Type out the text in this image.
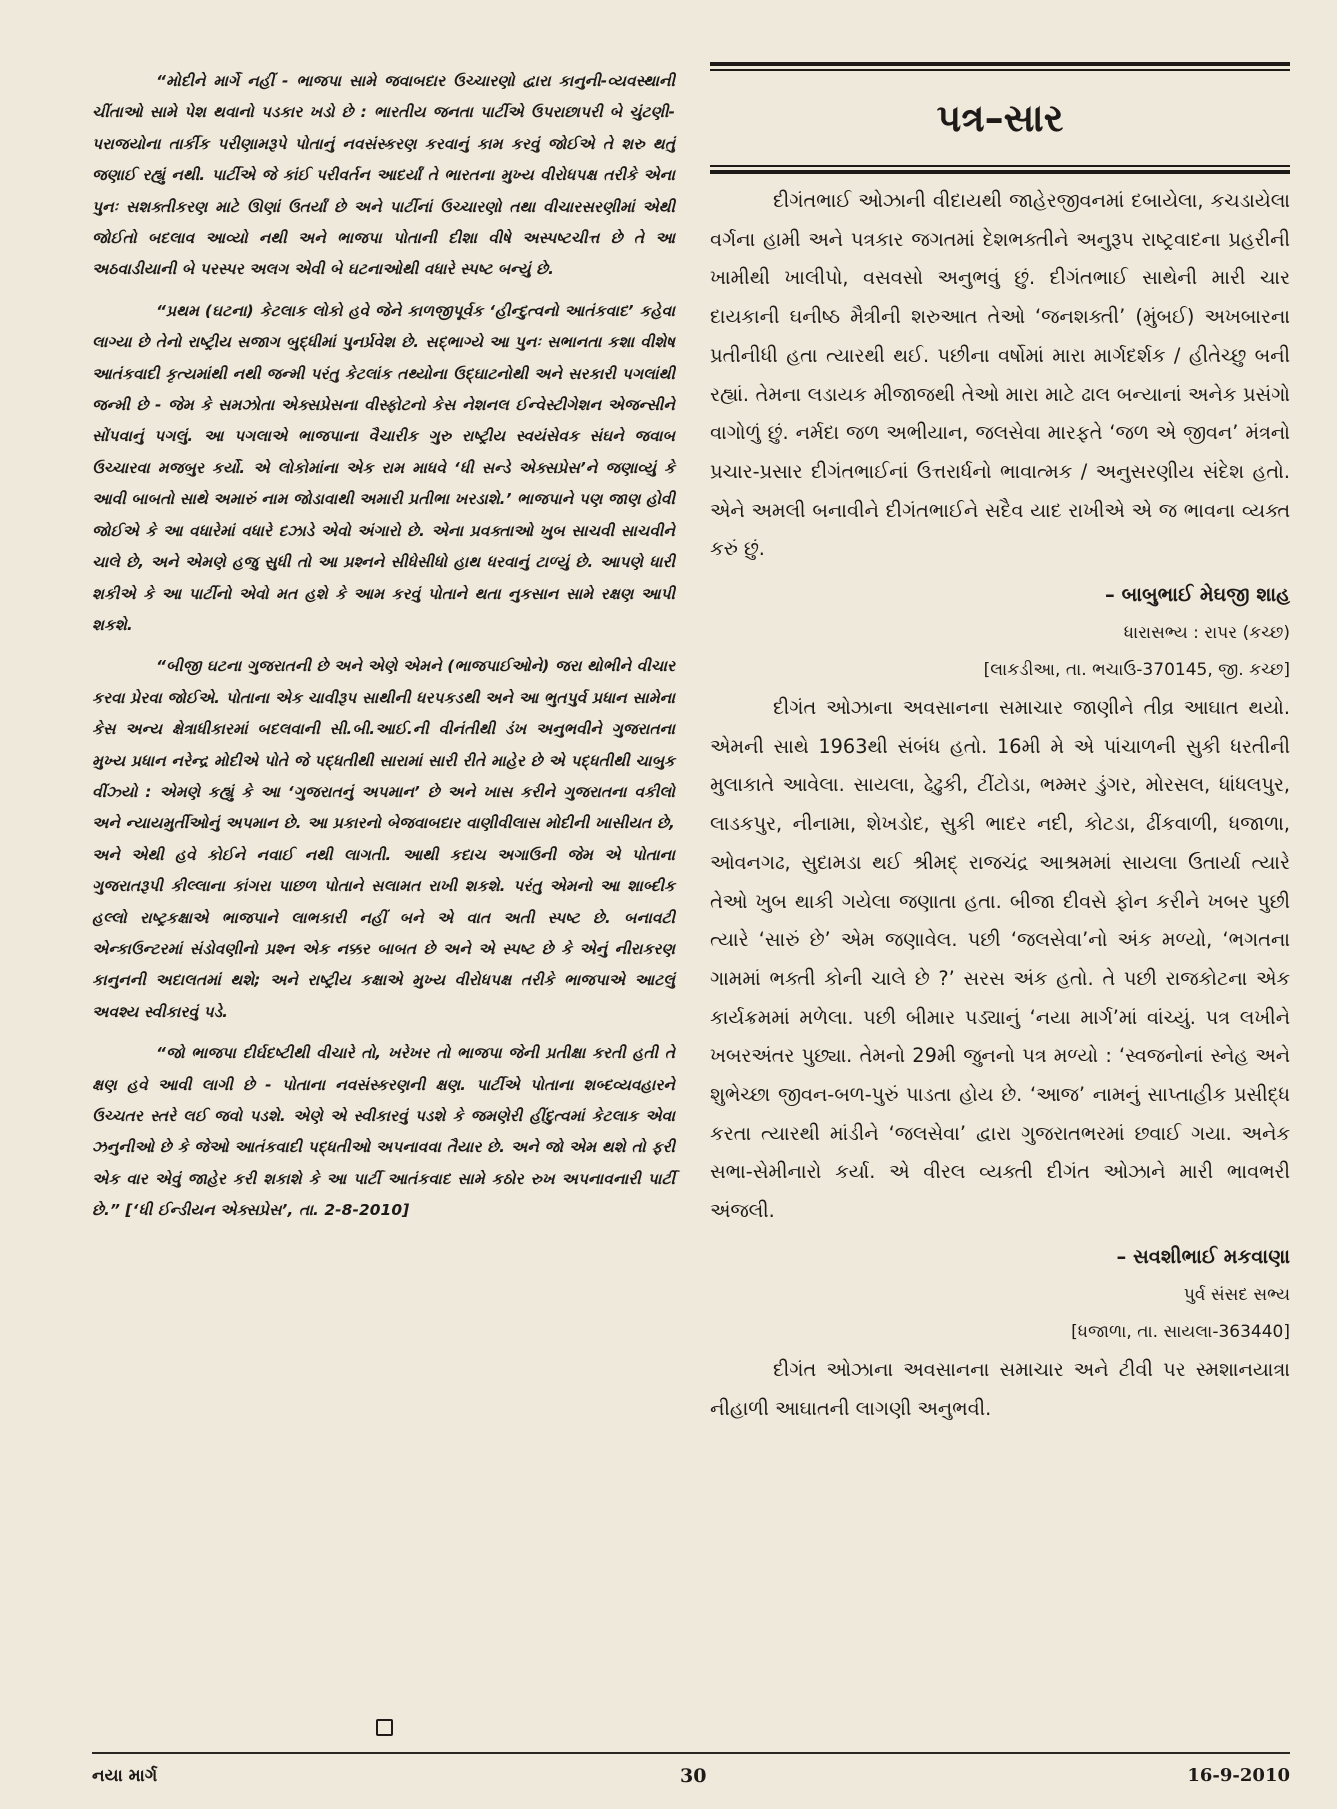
“મોદીને માર્ગે નહીં - ભાજપા સામે જવાબદાર ઉચ્ચારણો દ્વારા કાનુની-વ્યવસ્થાની ચીંતાઓ સામે પેશ થવાનો પડકાર ખડો છે : ભારતીય જનતા પાર્ટીએ ઉપરાછાપરી બે ચુંટણી-પરાજયોના તાર્કીક પરીણામરૂપે પોતાનું નવસંસ્કરણ કરવાનું કામ કરવું જોઈએ તે શરુ થતું જણાઈ રહ્યું નથી. પાર્ટીએ જે કાંઈ પરીવર્તન આદર્યાં તે ભારતના મુખ્ય વીરોધપક્ષ તરીકે એના પુનઃ સશક્તીકરણ માટે ઊણાં ઉતર્યાં છે અને પાર્ટીનાં ઉચ્ચારણો તથા વીચારસરણીમાં એથી જોઈતો બદલાવ આવ્યો નથી અને ભાજપા પોતાની દીશા વીષે અસ્પષ્ટચીત્ત છે તે આ અઠવાડીયાની બે પરસ્પર અલગ એવી બે ઘટનાઓથી વધારે સ્પષ્ટ બન્યું છે.

“પ્રથમ (ઘટના) કેટલાક લોકો હવે જેને કાળજીપૂર્વક ‘હીન્દુત્વનો આતંકવાદ’ કહેવા લાગ્યા છે તેનો રાષ્ટ્રીય સજાગ બુદ્ધીમાં પુનર્પ્રવેશ છે. સદ્ભાગ્યે આ પુનઃ સભાનતા કશા વીશેષ આતંકવાદી કૃત્યમાંથી નથી જન્મી પરંતુ કેટલાંક તથ્યોના ઉદ્ઘાટનોથી અને સરકારી પગલાંથી જન્મી છે - જેમ કે સમઝોતા એક્સપ્રેસના વીસ્ફોટનો કેસ નેશનલ ઈન્વેસ્ટીગેશન એજન્સીને સોંપવાનું પગલું. આ પગલાએ ભાજપાના વૈચારીક ગુરુ રાષ્ટ્રીય સ્વયંસેવક સંઘને જવાબ ઉચ્ચારવા મજબુર કર્યો. એ લોકોમાંના એક રામ માધવે ‘ધી સન્ડે એક્સપ્રેસ’ને જણાવ્યું કે આવી બાબતો સાથે અમારું નામ જોડાવાથી અમારી પ્રતીભા ખરડાશે.’ ભાજપાને પણ જાણ હોવી જોઈએ કે આ વધારેમાં વધારે દઝાડે એવો અંગારો છે. એના પ્રવક્તાઓ ખુબ સાચવી સાચવીને ચાલે છે, અને એમણે હજુ સુધી તો આ પ્રશ્નને સીધેસીધો હાથ ધરવાનું ટાળ્યું છે. આપણે ધારી શકીએ કે આ પાર્ટીનો એવો મત હશે કે આમ કરવું પોતાને થતા નુકસાન સામે રક્ષણ આપી શકશે.

“બીજી ઘટના ગુજરાતની છે અને એણે એમને (ભાજપાઈઓને) જરા થોભીને વીચાર કરવા પ્રેરવા જોઈએ. પોતાના એક ચાવીરૂપ સાથીની ધરપકડથી અને આ ભુતપુર્વ પ્રધાન સામેના કેસ અન્ય ક્ષેત્રાધીકારમાં બદલવાની સી.બી.આઈ.ની વીનંતીથી ડંખ અનુભવીને ગુજરાતના મુખ્ય પ્રધાન નરેન્દ્ર મોદીએ પોતે જે પદ્ધતીથી સારામાં સારી રીતે માહેર છે એ પદ્ધતીથી ચાબુક વીંઝ્યો : એમણે કહ્યું કે આ ‘ગુજરાતનું અપમાન’ છે અને ખાસ કરીને ગુજરાતના વકીલો અને ન્યાયમુર્તીઓનું અપમાન છે. આ પ્રકારનો બેજવાબદાર વાણીવીલાસ મોદીની ખાસીયત છે, અને એથી હવે કોઈને નવાઈ નથી લાગતી. આથી કદાચ અગાઉની જેમ એ પોતાના ગુજરાતરૂપી કીલ્લાના કાંગરા પાછળ પોતાને સલામત રાખી શકશે. પરંતુ એમનો આ શાબ્દીક હલ્લો રાષ્ટ્રકક્ષાએ ભાજપાને લાભકારી નહીં બને એ વાત અતી સ્પષ્ટ છે. બનાવટી એન્કાઉન્ટરમાં સંડોવણીનો પ્રશ્ન એક નક્કર બાબત છે અને એ સ્પષ્ટ છે કે એનું નીરાકરણ કાનુનની અદાલતમાં થશે; અને રાષ્ટ્રીય કક્ષાએ મુખ્ય વીરોધપક્ષ તરીકે ભાજપાએ આટલું અવશ્ય સ્વીકારવું પડે.

“જો ભાજપા દીર્ઘદષ્ટીથી વીચારે તો, ખરેખર તો ભાજપા જેની પ્રતીક્ષા કરતી હતી તે ક્ષણ હવે આવી લાગી છે - પોતાના નવસંસ્કરણની ક્ષણ. પાર્ટીએ પોતાના શબ્દવ્યવહારને ઉચ્ચતર સ્તરે લઈ જવો પડશે. એણે એ સ્વીકારવું પડશે કે જમણેરી હીંદુત્વમાં કેટલાક એવા ઝનુનીઓ છે કે જેઓ આતંકવાદી પદ્ધતીઓ અપનાવવા તૈયાર છે. અને જો એમ થશે તો ફરી એક વાર એવું જાહેર કરી શકાશે કે આ પાર્ટી આતંકવાદ સામે કઠોર રુખ અપનાવનારી પાર્ટી છે.” [‘ધી ઈન્ડીયન એક્સપ્રેસ’, તા. 2-8-2010]

પત્ર–સાર

દીગંતભાઈ ઓઝાની વીદાયથી જાહેરજીવનમાં દબાયેલા, કચડાયેલા વર્ગના હામી અને પત્રકાર જગતમાં દેશભક્તીને અનુરૂપ રાષ્ટ્રવાદના પ્રહરીની ખામીથી ખાલીપો, વસવસો અનુભવું છું. દીગંતભાઈ સાથેની મારી ચાર દાયકાની ઘનીષ્ઠ મૈત્રીની શરુઆત તેઓ ‘જનશક્તી’ (મુંબઈ) અખબારના પ્રતીનીધી હતા ત્યારથી થઈ. પછીના વર્ષોમાં મારા માર્ગદર્શક / હીતેચ્છુ બની રહ્યાં. તેમના લડાયક મીજાજથી તેઓ મારા માટે ઢાલ બન્યાનાં અનેક પ્રસંગો વાગોળું છું. નર્મદા જળ અભીયાન, જલસેવા મારફતે ‘જળ એ જીવન’ મંત્રનો પ્રચાર-પ્રસાર દીગંતભાઈનાં ઉત્તરાર્ધનો ભાવાત્મક / અનુસરણીય સંદેશ હતો. એને અમલી બનાવીને દીગંતભાઈને સદૈવ યાદ રાખીએ એ જ ભાવના વ્યક્ત કરું છું.

– બાબુભાઈ મેઘજી શાહ
ધારાસભ્ય : રાપર (કચ્છ)
[લાકડીઆ, તા. ભચાઉ-370145, જી. કચ્છ]

દીગંત ઓઝાના અવસાનના સમાચાર જાણીને તીવ્ર આઘાત થયો. એમની સાથે 1963થી સંબંધ હતો. 16મી મે એ પાંચાળની સુકી ધરતીની મુલાકાતે આવેલા. સાયલા, ઢેઢુકી, ટીંટોડા, ભમ્મર ડુંગર, મોરસલ, ધાંધલપુર, લાડકપુર, નીનામા, શેખડોદ, સુકી ભાદર નદી, કોટડા, ઢીંકવાળી, ધજાળા, ઓવનગઢ, સુદામડા થઈ શ્રીમદ્ રાજચંદ્ર આશ્રમમાં સાયલા ઉતાર્યા ત્યારે તેઓ ખુબ થાકી ગયેલા જણાતા હતા. બીજા દીવસે ફોન કરીને ખબર પુછી ત્યારે ‘સારું છે’ એમ જણાવેલ. પછી ‘જલસેવા’નો અંક મળ્યો, ‘ભગતના ગામમાં ભક્તી કોની ચાલે છે ?’ સરસ અંક હતો. તે પછી રાજકોટના એક કાર્યક્રમમાં મળેલા. પછી બીમાર પડ્યાનું ‘નયા માર્ગ’માં વાંચ્યું. પત્ર લખીને ખબરઅંતર પુછ્યા. તેમનો 29મી જુનનો પત્ર મળ્યો : ‘સ્વજનોનાં સ્નેહ અને શુભેચ્છા જીવન-બળ-પુરું પાડતા હોય છે. ‘આજ’ નામનું સાપ્તાહીક પ્રસીદ્ધ કરતા ત્યારથી માંડીને ‘જલસેવા’ દ્વારા ગુજરાતભરમાં છવાઈ ગયા. અનેક સભા-સેમીનારો કર્યા. એ વીરલ વ્યક્તી દીગંત ઓઝાને મારી ભાવભરી અંજલી.

– સવશીભાઈ મકવાણા
પુર્વ સંસદ સભ્ય
[ધજાળા, તા. સાયલા-363440]

દીગંત ઓઝાના અવસાનના સમાચાર અને ટીવી પર સ્મશાનયાત્રા નીહાળી આઘાતની લાગણી અનુભવી.

નયા માર્ગ	30	16-9-2010
